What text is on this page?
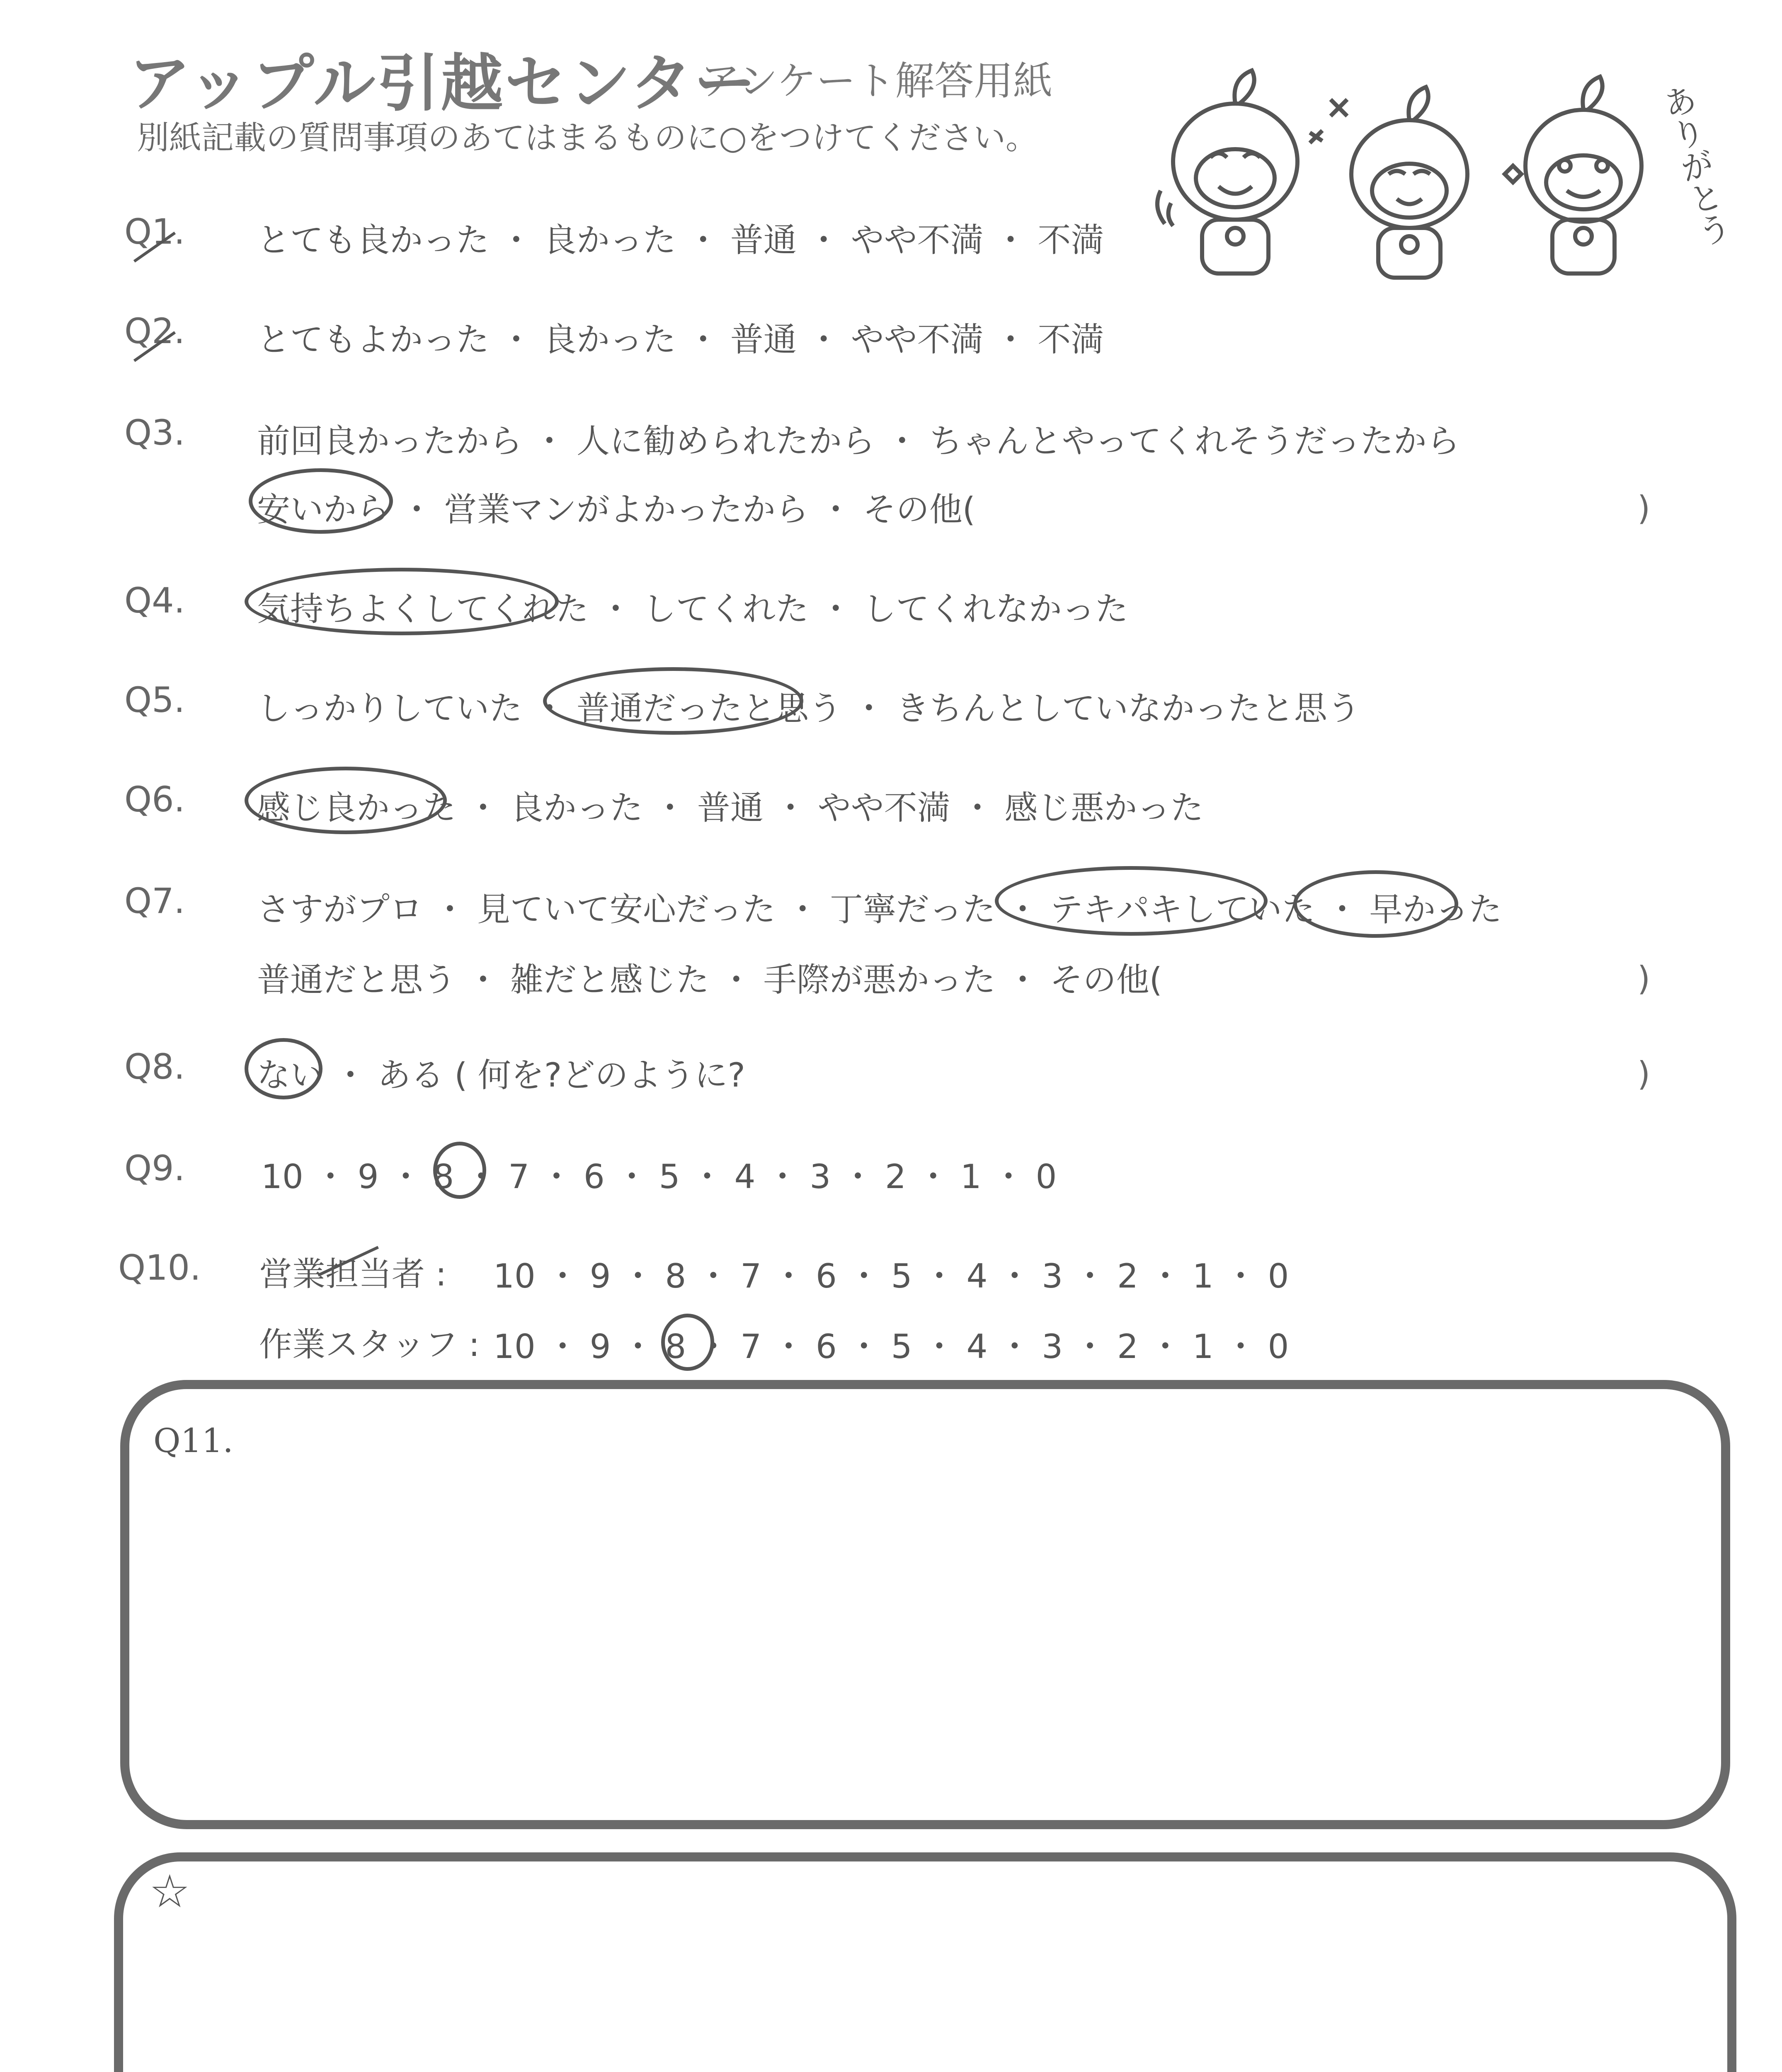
アップル引越センター
アンケート解答用紙
別紙記載の質問事項のあてはまるものに○をつけてください。	ありがとう
Q1. とても良かった ・ 良かった ・ 普通 ・ やや不満 ・ 不満
Q2. とてもよかった ・ 良かった ・ 普通 ・ やや不満 ・ 不満
Q3. 前回良かったから ・ 人に勧められたから ・ ちゃんとやってくれそうだったから
安いから ・ 営業マンがよかったから ・ その他(	)
Q4. 気持ちよくしてくれた ・ してくれた ・ してくれなかった
Q5. しっかりしていた ・ 普通だったと思う ・ きちんとしていなかったと思う
Q6. 感じ良かった ・ 良かった ・ 普通 ・ やや不満 ・ 感じ悪かった
Q7. さすがプロ ・ 見ていて安心だった ・ 丁寧だった ・ テキパキしていた ・ 早かった
普通だと思う ・ 雑だと感じた ・ 手際が悪かった ・ その他(	)
Q8. ない ・ ある ( 何を?どのように?	)
Q9. 10 ・ 9 ・ 8 ・ 7 ・ 6 ・ 5 ・ 4 ・ 3 ・ 2 ・ 1 ・ 0
Q10. 営業担当者 : 10 ・ 9 ・ 8 ・ 7 ・ 6 ・ 5 ・ 4 ・ 3 ・ 2 ・ 1 ・ 0
作業スタッフ : 10 ・ 9 ・ 8 ・ 7 ・ 6 ・ 5 ・ 4 ・ 3 ・ 2 ・ 1 ・ 0
Q11.
☆
